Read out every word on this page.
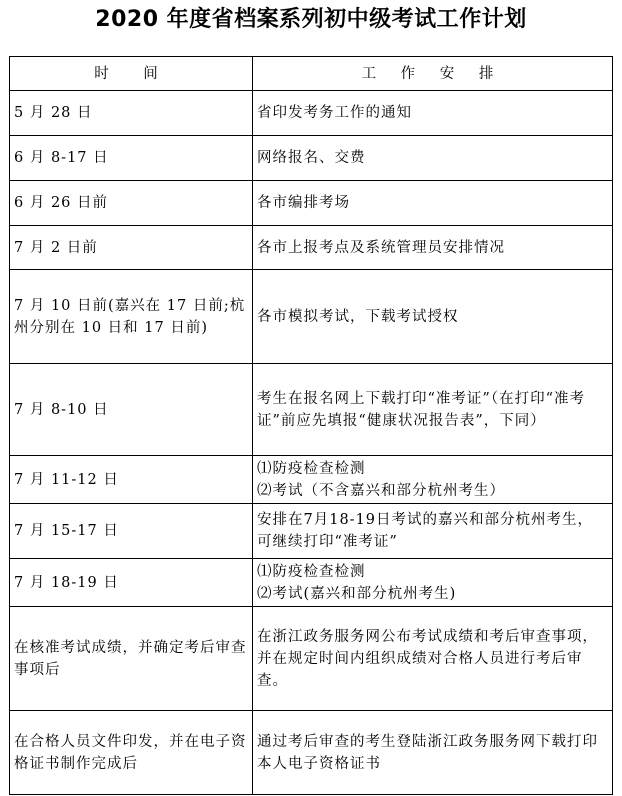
2020 年度省档案系列初中级考试工作计划
时　间	工 作 安 排
5 月 28 日	省印发考务工作的通知
6 月 8-17 日	网络报名、交费
6 月 26 日前	各市编排考场
7 月 2 日前	各市上报考点及系统管理员安排情况
7 月 10 日前(嘉兴在 17 日前;杭州分别在 10 日和 17 日前)	各市模拟考试，下载考试授权
7 月 8-10 日	考生在报名网上下载打印“准考证”（在打印“准考证”前应先填报“健康状况报告表”，下同）
7 月 11-12 日	⑴防疫检查检测
⑵考试（不含嘉兴和部分杭州考生）
7 月 15-17 日	安排在7月18-19日考试的嘉兴和部分杭州考生，可继续打印“准考证”
7 月 18-19 日	⑴防疫检查检测
⑵考试(嘉兴和部分杭州考生)
在核准考试成绩，并确定考后审查事项后	在浙江政务服务网公布考试成绩和考后审查事项，并在规定时间内组织成绩对合格人员进行考后审查。
在合格人员文件印发，并在电子资格证书制作完成后	通过考后审查的考生登陆浙江政务服务网下载打印本人电子资格证书
